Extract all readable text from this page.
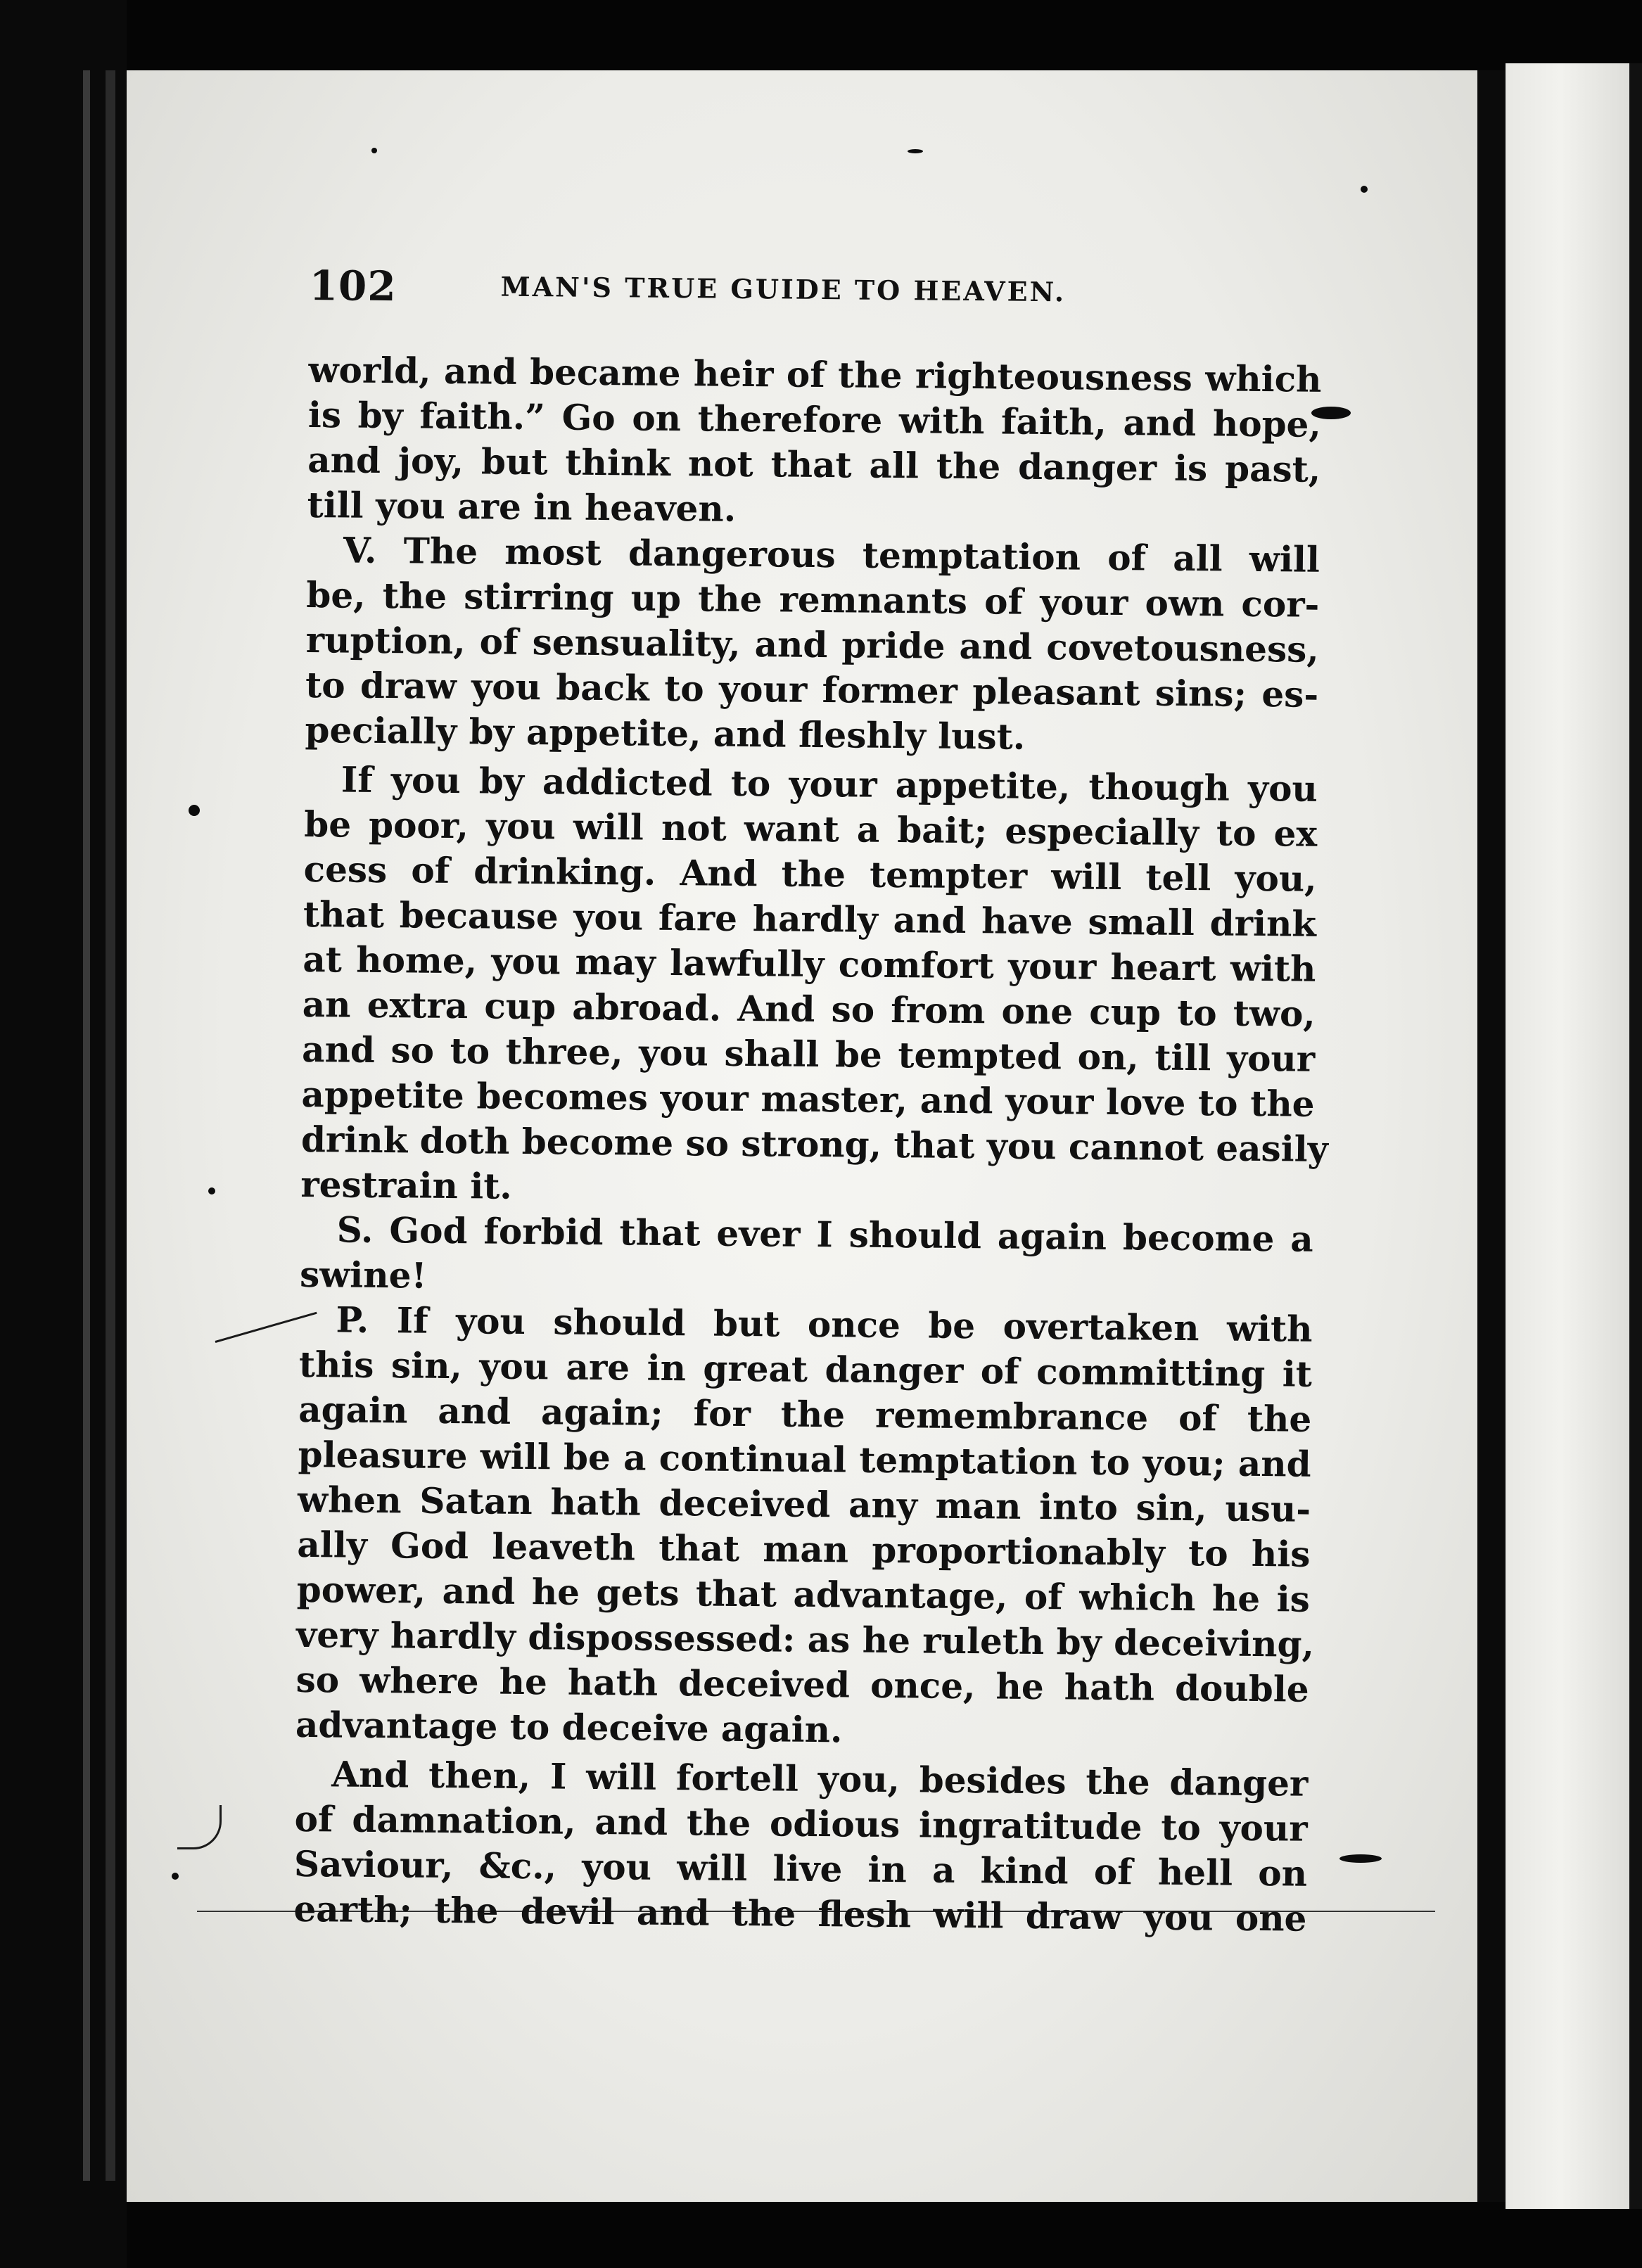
102	MAN'S TRUE GUIDE TO HEAVEN.
world, and became heir of the righteousness which
is by faith.” Go on therefore with faith, and hope,
and joy, but think not that all the danger is past,
till you are in heaven.
V. The most dangerous temptation of all will
be, the stirring up the remnants of your own cor-
ruption, of sensuality, and pride and covetousness,
to draw you back to your former pleasant sins; es-
pecially by appetite, and fleshly lust.
If you by addicted to your appetite, though you
be poor, you will not want a bait; especially to ex
cess of drinking. And the tempter will tell you,
that because you fare hardly and have small drink
at home, you may lawfully comfort your heart with
an extra cup abroad. And so from one cup to two,
and so to three, you shall be tempted on, till your
appetite becomes your master, and your love to the
drink doth become so strong, that you cannot easily
restrain it.
S. God forbid that ever I should again become a
swine!
P. If you should but once be overtaken with
this sin, you are in great danger of committing it
again and again; for the remembrance of the
pleasure will be a continual temptation to you; and
when Satan hath deceived any man into sin, usu-
ally God leaveth that man proportionably to his
power, and he gets that advantage, of which he is
very hardly dispossessed: as he ruleth by deceiving,
so where he hath deceived once, he hath double
advantage to deceive again.
And then, I will fortell you, besides the danger
of damnation, and the odious ingratitude to your
Saviour, &c., you will live in a kind of hell on
earth; the devil and the flesh will draw you one
